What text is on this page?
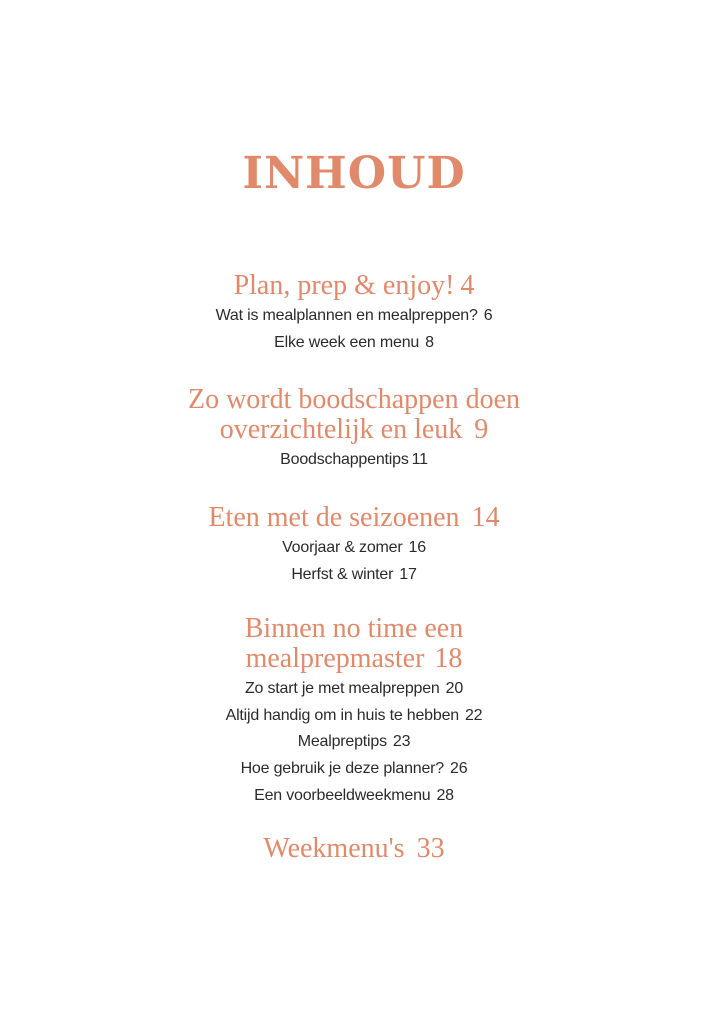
INHOUD
Plan, prep & enjoy! 4
Wat is mealplannen en mealpreppen? 6
Elke week een menu 8
Zo wordt boodschappen doen
overzichtelijk en leuk 9
Boodschappentips 11
Eten met de seizoenen 14
Voorjaar & zomer 16
Herfst & winter 17
Binnen no time een
mealprepmaster 18
Zo start je met mealpreppen 20
Altijd handig om in huis te hebben 22
Mealpreptips 23
Hoe gebruik je deze planner? 26
Een voorbeeldweekmenu 28
Weekmenu's 33
